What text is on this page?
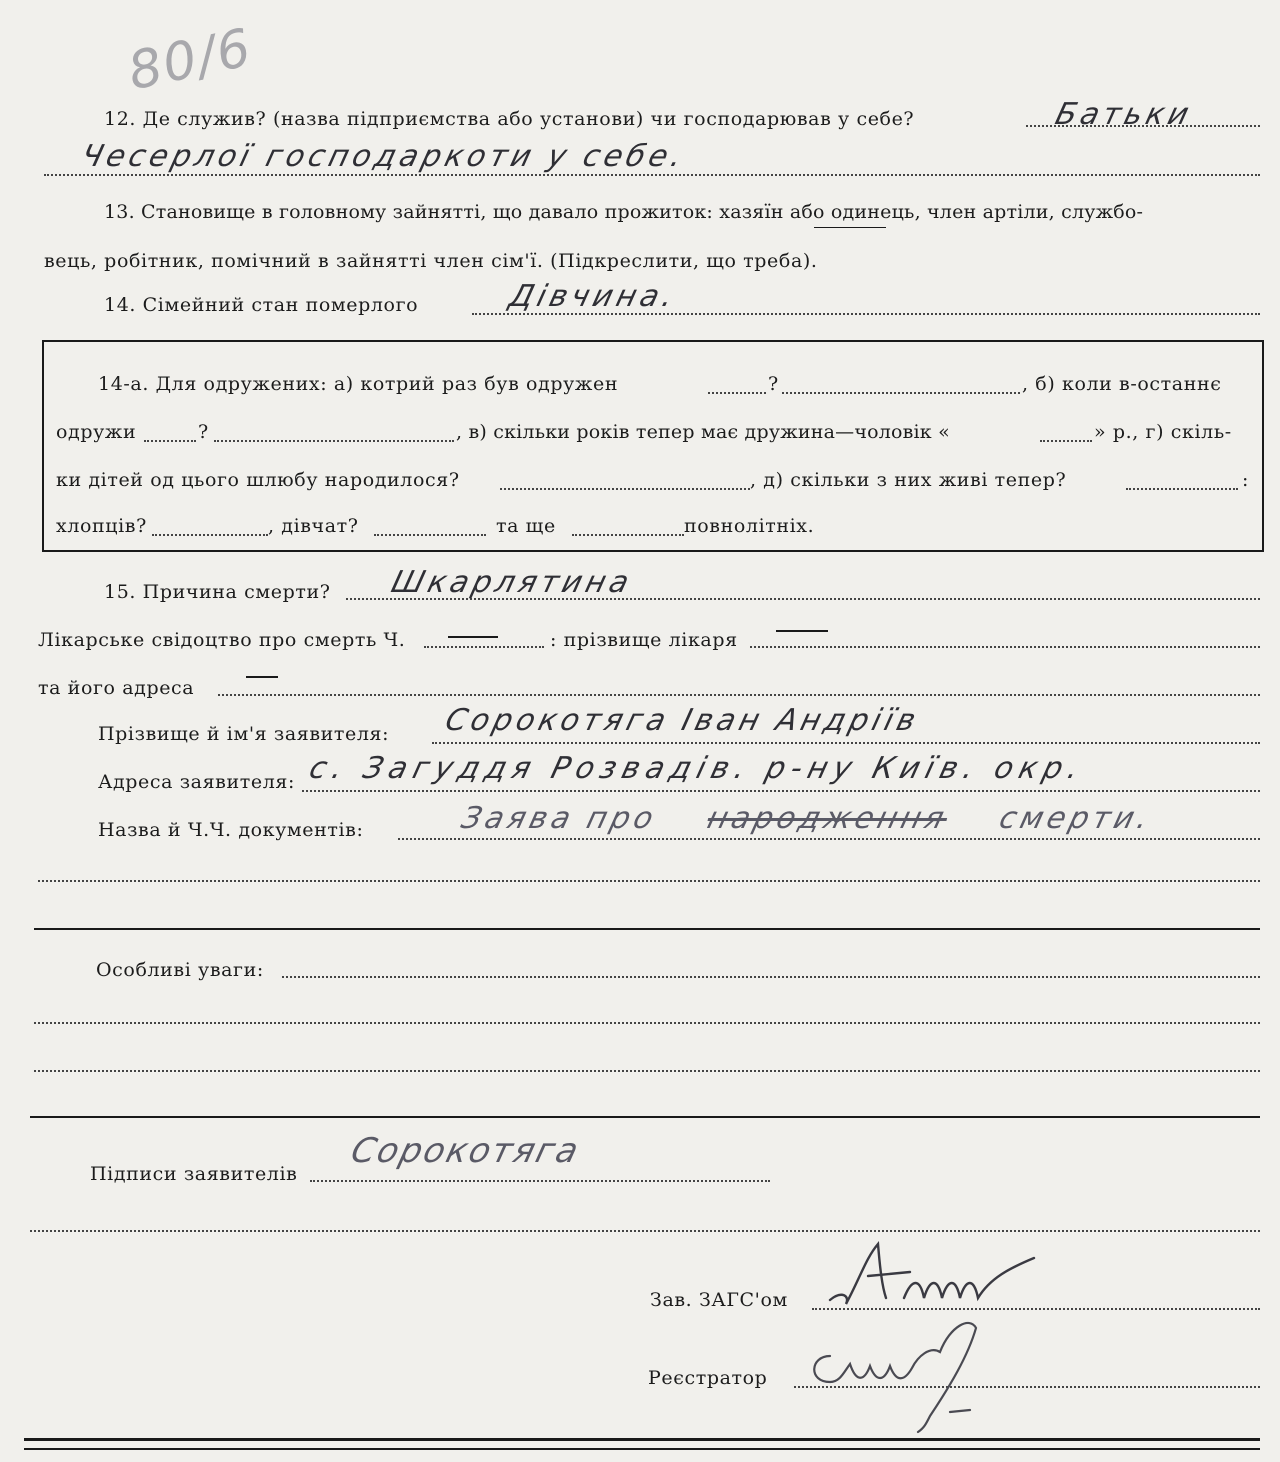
80/6
12. Де служив? (назва підприємства або установи) чи господарював у себе?	Батьки
Чесерлої господаркоти у себе.
13. Становище в головному зайнятті, що давало прожиток: хазяїн або одинець, член артіли, службо-
вець, робітник, помічний в зайнятті член сім'ї. (Підкреслити, що треба).
14. Сімейний стан померлого	Дівчина.
14-а. Для одружених: а) котрий раз був одружен	?	, б) коли в-останнє
одружи	?	, в) скільки років тепер має дружина—чоловік «	» р., г) скіль-
ки дітей од цього шлюбу народилося?	, д) скільки з них живі тепер?	:
хлопців?	, дівчат?	та ще	повнолітніх.
15. Причина смерти? Шкарлятина
Лікарське свідоцтво про смерть Ч.	: прізвище лікаря
та його адреса
Прізвище й ім'я заявителя: Сорокотяга Іван Андріїв
Адреса заявителя: с. Загуддя Розвадів. р-ну Київ. окр.
Назва й Ч.Ч. документів:	Заява про народження смерти.
Особливі уваги:
Підписи заявителів
Сорокотяга
Зав. ЗАГС'ом
Реєстратор
